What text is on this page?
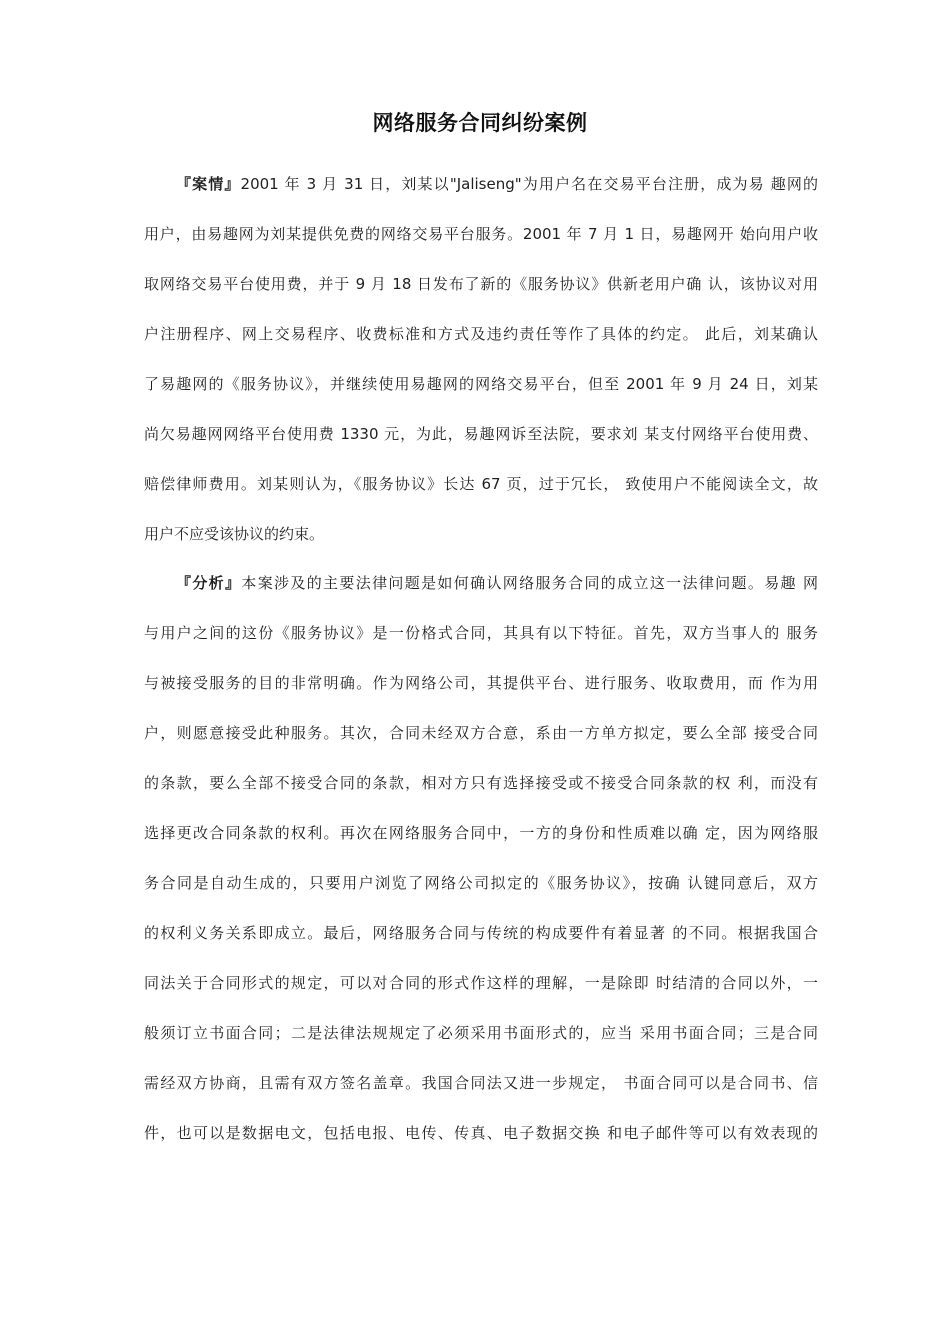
网络服务合同纠纷案例
『案情』2001 年 3 月 31 日，刘某以"Jaliseng"为用户名在交易平台注册，成为易 趣网的
用户，由易趣网为刘某提供免费的网络交易平台服务。2001 年 7 月 1 日，易趣网开 始向用户收
取网络交易平台使用费，并于 9 月 18 日发布了新的《服务协议》供新老用户确 认，该协议对用
户注册程序、网上交易程序、收费标准和方式及违约责任等作了具体的约定。 此后，刘某确认
了易趣网的《服务协议》，并继续使用易趣网的网络交易平台，但至 2001 年 9 月 24 日，刘某
尚欠易趣网网络平台使用费 1330 元，为此，易趣网诉至法院，要求刘 某支付网络平台使用费、
赔偿律师费用。刘某则认为，《服务协议》长达 67 页，过于冗长， 致使用户不能阅读全文，故
用户不应受该协议的约束。
『分析』本案涉及的主要法律问题是如何确认网络服务合同的成立这一法律问题。易趣 网
与用户之间的这份《服务协议》是一份格式合同，其具有以下特征。首先，双方当事人的 服务
与被接受服务的目的非常明确。作为网络公司，其提供平台、进行服务、收取费用，而 作为用
户，则愿意接受此种服务。其次，合同未经双方合意，系由一方单方拟定，要么全部 接受合同
的条款，要么全部不接受合同的条款，相对方只有选择接受或不接受合同条款的权 利，而没有
选择更改合同条款的权利。再次在网络服务合同中，一方的身份和性质难以确 定，因为网络服
务合同是自动生成的，只要用户浏览了网络公司拟定的《服务协议》，按确 认键同意后，双方
的权利义务关系即成立。最后，网络服务合同与传统的构成要件有着显著 的不同。根据我国合
同法关于合同形式的规定，可以对合同的形式作这样的理解，一是除即 时结清的合同以外，一
般须订立书面合同；二是法律法规规定了必须采用书面形式的，应当 采用书面合同；三是合同
需经双方协商，且需有双方签名盖章。我国合同法又进一步规定， 书面合同可以是合同书、信
件，也可以是数据电文，包括电报、电传、传真、电子数据交换 和电子邮件等可以有效表现的
